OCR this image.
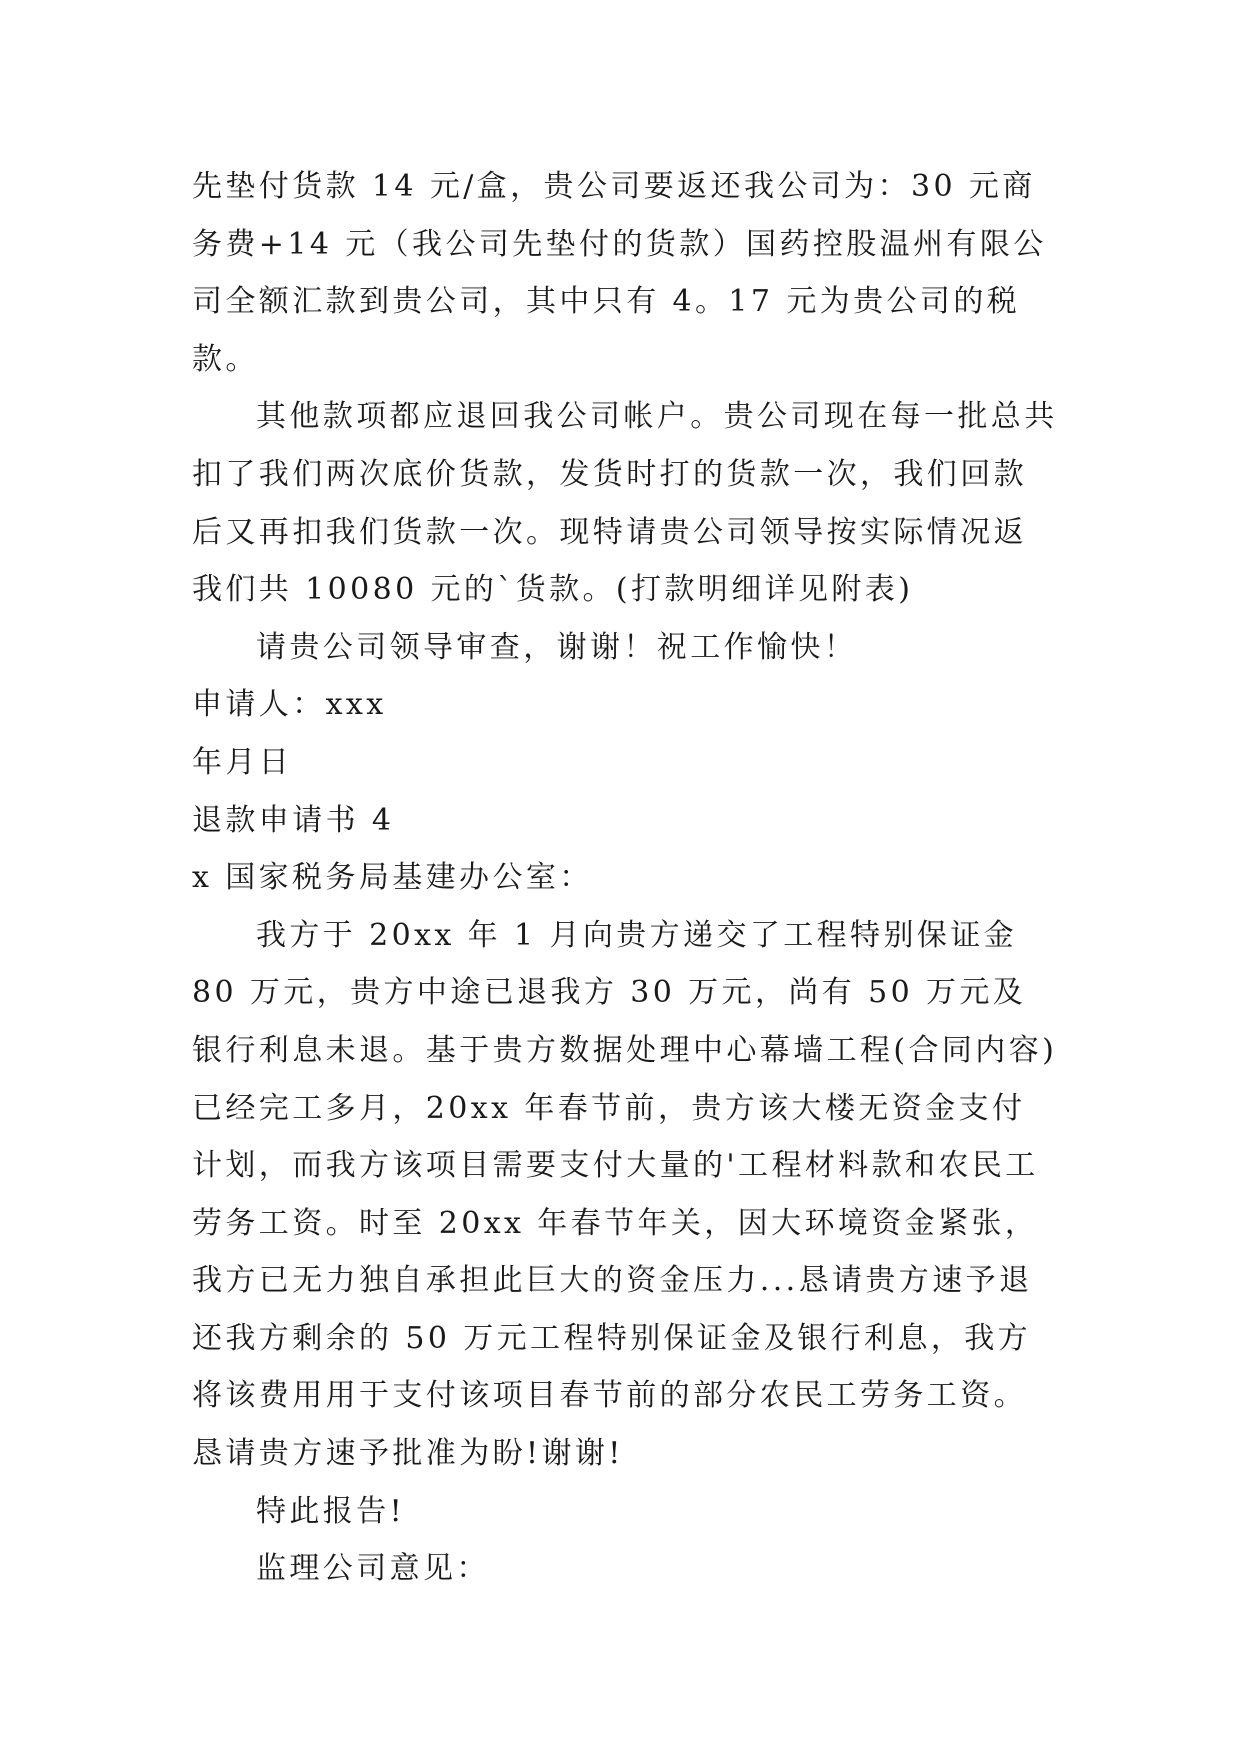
先垫付货款 14 元/盒，贵公司要返还我公司为：30 元商务费+14 元（我公司先垫付的货款）国药控股温州有限公司全额汇款到贵公司，其中只有 4。17 元为贵公司的税款。

其他款项都应退回我公司帐户。贵公司现在每一批总共扣了我们两次底价货款，发货时打的货款一次，我们回款后又再扣我们货款一次。现特请贵公司领导按实际情况返我们共 10080 元的`货款。(打款明细详见附表)

请贵公司领导审查，谢谢！祝工作愉快！

申请人：xxx

年月日

退款申请书 4

x 国家税务局基建办公室：

我方于 20xx 年 1 月向贵方递交了工程特别保证金 80 万元，贵方中途已退我方 30 万元，尚有 50 万元及银行利息未退。基于贵方数据处理中心幕墙工程(合同内容)已经完工多月，20xx 年春节前，贵方该大楼无资金支付计划，而我方该项目需要支付大量的'工程材料款和农民工劳务工资。时至 20xx 年春节年关，因大环境资金紧张，我方已无力独自承担此巨大的资金压力...恳请贵方速予退还我方剩余的 50 万元工程特别保证金及银行利息，我方将该费用用于支付该项目春节前的部分农民工劳务工资。恳请贵方速予批准为盼!谢谢!

特此报告!

监理公司意见：
